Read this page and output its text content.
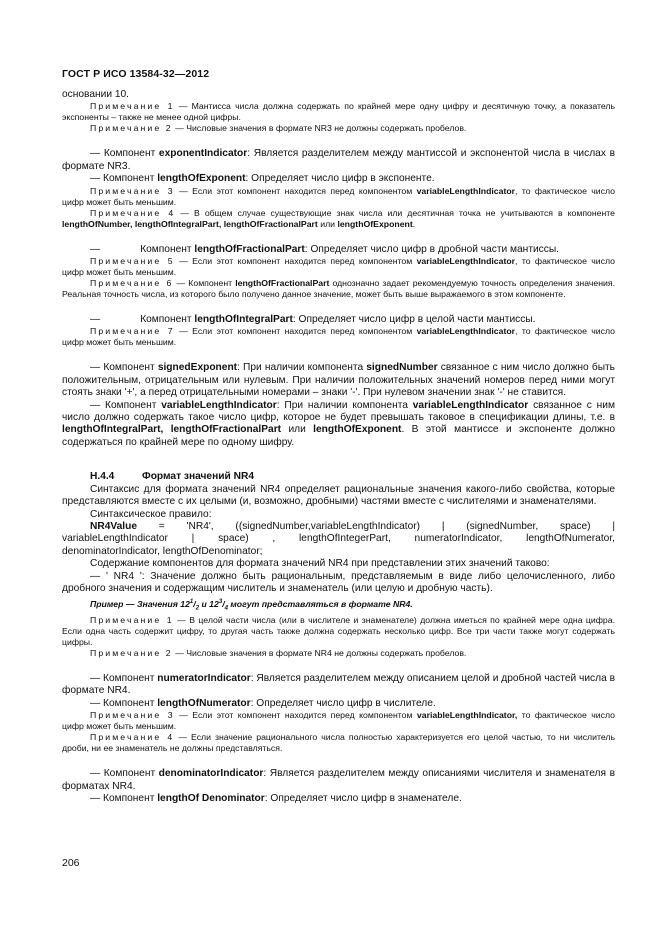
ГОСТ Р ИСО 13584-32—2012

основании 10.

Примечание 1 — Мантисса числа должна содержать по крайней мере одну цифру и десятичную точку, а показатель экспоненты – также не менее одной цифры.

Примечание 2 — Числовые значения в формате NR3 не должны содержать пробелов.

— Компонент exponentIndicator: Является разделителем между мантиссой и экспонентой числа в числах в формате NR3.

— Компонент lengthOfExponent: Определяет число цифр в экспоненте.

Примечание 3 — Если этот компонент находится перед компонентом variableLengthIndicator, то фактическое число цифр может быть меньшим.

Примечание 4 — В общем случае существующие знак числа или десятичная точка не учитываются в компоненте lengthOfNumber, lengthOfIntegralPart, lengthOfFractionalPart или lengthOfExponent.

—	Компонент lengthOfFractionalPart: Определяет число цифр в дробной части мантиссы.

Примечание 5 — Если этот компонент находится перед компонентом variableLengthIndicator, то фактическое число цифр может быть меньшим.

Примечание 6 — Компонент lengthOfFractionalPart однозначно задает рекомендуемую точность определения значения. Реальная точность числа, из которого было получено данное значение, может быть выше выражаемого в этом компоненте.

—	Компонент lengthOfIntegralPart: Определяет число цифр в целой части мантиссы.

Примечание 7 — Если этот компонент находится перед компонентом variableLengthIndicator, то фактическое число цифр может быть меньшим.

— Компонент signedExponent: При наличии компонента signedNumber связанное с ним число должно быть положительным, отрицательным или нулевым. При наличии положительных значений номеров перед ними могут стоять знаки '+', а перед отрицательными номерами – знаки '-'. При нулевом значении знак '-' не ставится.

— Компонент variableLengthIndicator: При наличии компонента variableLengthIndicator связанное с ним число должно содержать такое число цифр, которое не будет превышать таковое в спецификации длины, т.е. в lengthOfIntegralPart, lengthOfFractionalPart или lengthOfExponent. В этой мантиссе и экспоненте должно содержаться по крайней мере по одному шифру.

H.4.4	Формат значений NR4

Синтаксис для формата значений NR4 определяет рациональные значения какого-либо свойства, которые представляются вместе с их целыми (и, возможно, дробными) частями вместе с числителями и знаменателями.

Синтаксическое правило:

NR4Value = 'NR4', ((signedNumber,variableLengthIndicator) | (signedNumber, space) |

variableLengthIndicator | space) , lengthOfIntegerPart, numeratorIndicator, lengthOfNumerator,

denominatorIndicator, lengthOfDenominator;

Содержание компонентов для формата значений NR4 при представлении этих значений таково:

— ' NR4 ': Значение должно быть рациональным, представляемым в виде либо целочисленного, либо дробного значения и содержащим числитель и знаменатель (или целую и дробную часть).

Пример — Значения $12^1/_2$ и $12^3/_4$ могут представляться в формате NR4.

Примечание 1 — В целой части числа (или в числителе и знаменателе) должна иметься по крайней мере одна цифра. Если одна часть содержит цифру, то другая часть также должна содержать несколько цифр. Все три части также могут содержать цифры.

Примечание 2 — Числовые значения в формате NR4 не должны содержать пробелов.

— Компонент numeratorIndicator: Является разделителем между описанием целой и дробной частей числа в формате NR4.

— Компонент lengthOfNumerator: Определяет число цифр в числителе.

Примечание 3 — Если этот компонент находится перед компонентом variableLengthIndicator, то фактическое число цифр может быть меньшим.

Примечание 4 — Если значение рационального числа полностью характеризуется его целой частью, то ни числитель дроби, ни ее знаменатель не должны представляться.

— Компонент denominatorIndicator: Является разделителем между описаниями числителя и знаменателя в форматах NR4.

— Компонент lengthOf Denominator: Определяет число цифр в знаменателе.

206
